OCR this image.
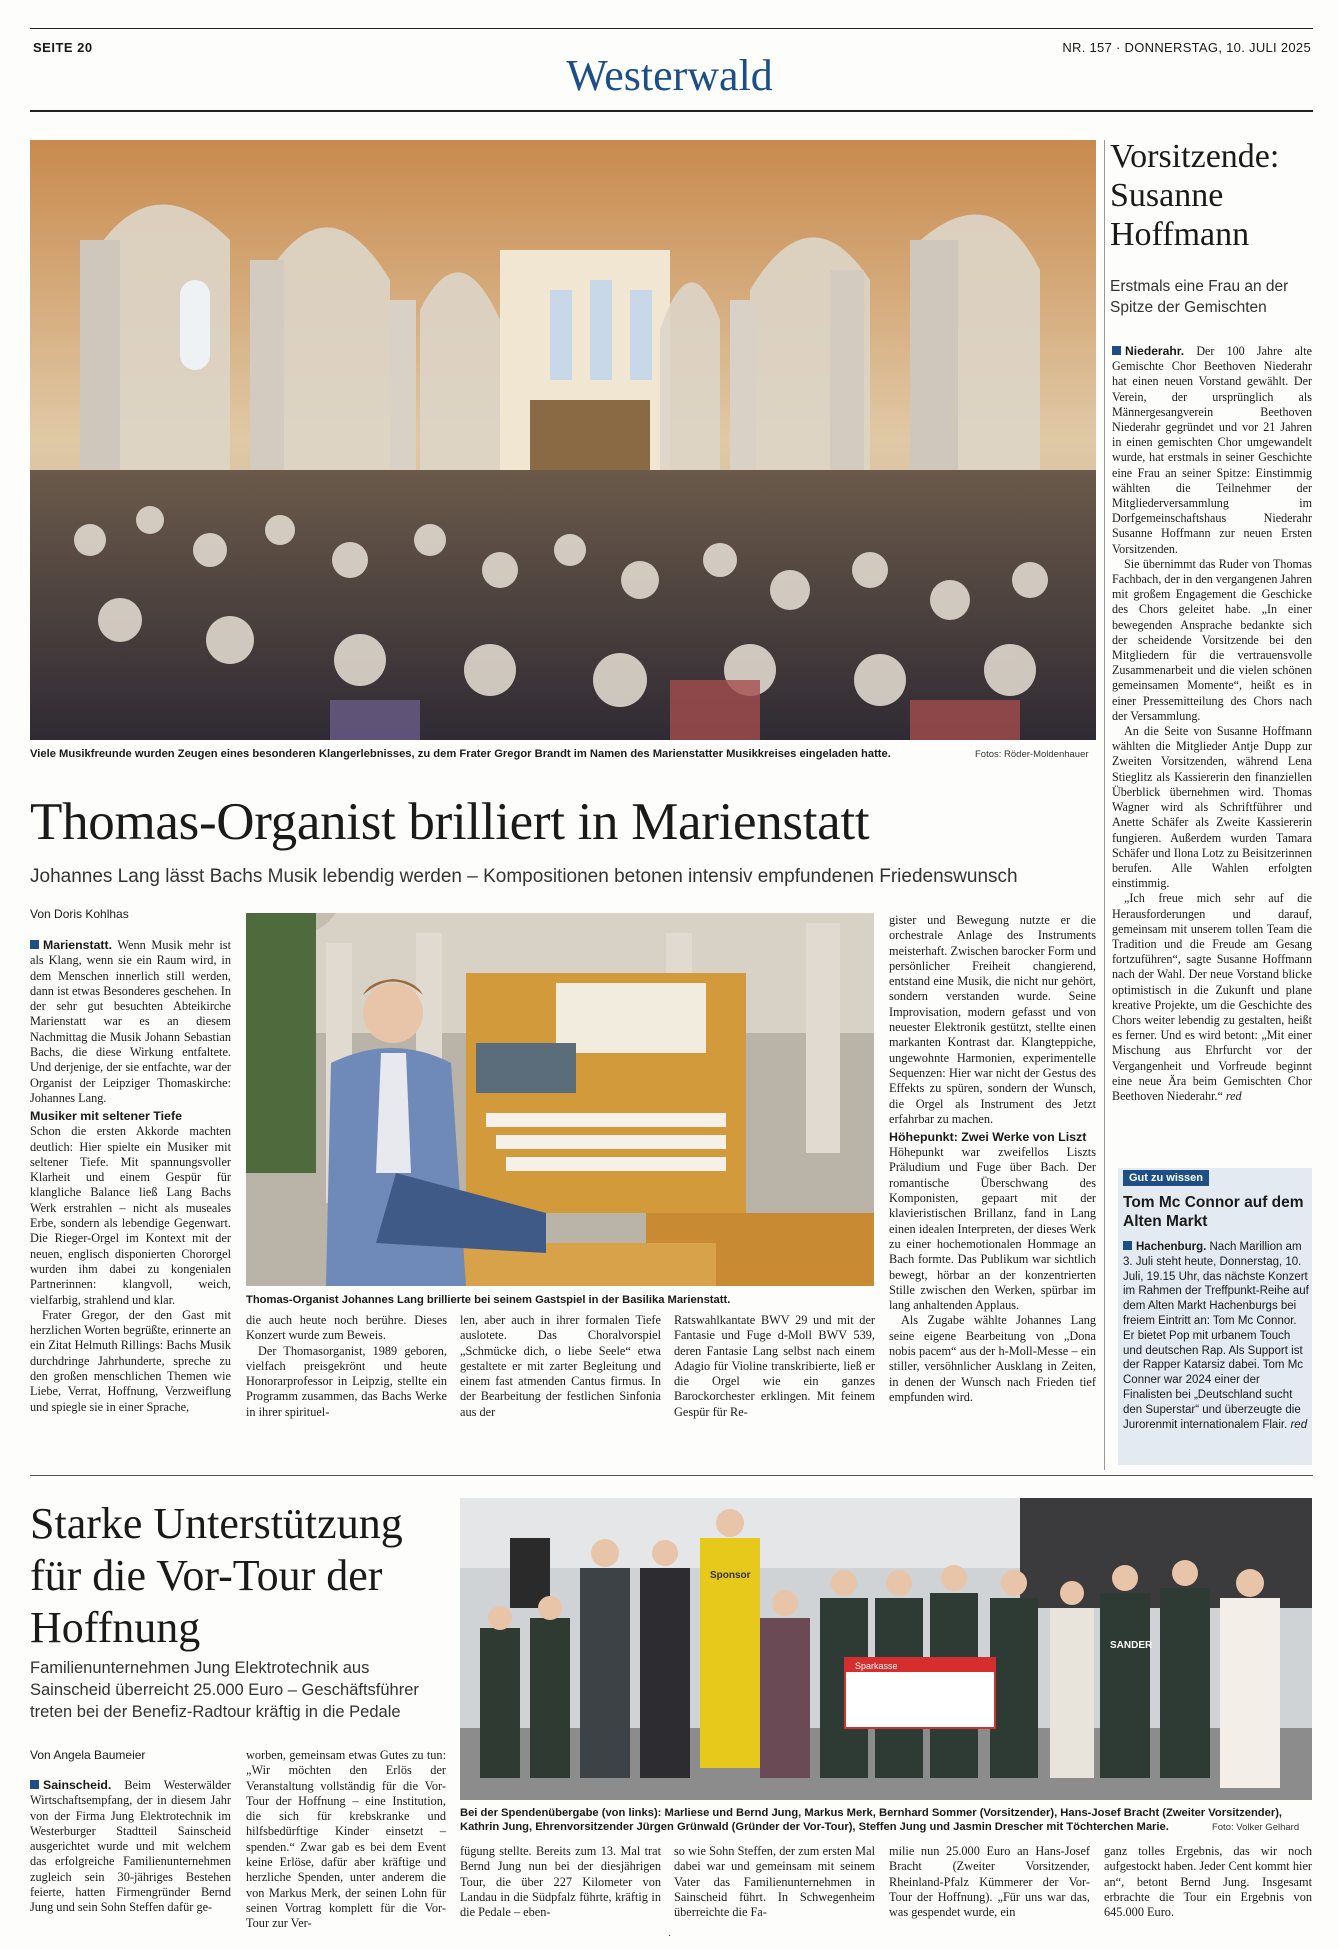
SEITE 20
Westerwald
NR. 157 · DONNERSTAG, 10. JULI 2025
Viele Musikfreunde wurden Zeugen eines besonderen Klangerlebnisses, zu dem Frater Gregor Brandt im Namen des Marienstatter Musikkreises eingeladen hatte.	Fotos: Röder-Moldenhauer
Thomas-Organist brilliert in Marienstatt
Johannes Lang lässt Bachs Musik lebendig werden – Kompositionen betonen intensiv empfundenen Friedenswunsch
Von Doris Kohlhas

Marienstatt. Wenn Musik mehr ist als Klang, wenn sie ein Raum wird, in dem Menschen innerlich still werden, dann ist etwas Besonderes geschehen. In der sehr gut besuchten Abteikirche Marienstatt war es an diesem Nachmittag die Musik Johann Sebastian Bachs, die diese Wirkung entfaltete. Und derjenige, der sie entfachte, war der Organist der Leipziger Thomaskirche: Johannes Lang.

Musiker mit seltener Tiefe

Schon die ersten Akkorde machten deutlich: Hier spielte ein Musiker mit seltener Tiefe. Mit spannungsvoller Klarheit und einem Gespür für klangliche Balance ließ Lang Bachs Werk erstrahlen – nicht als museales Erbe, sondern als lebendige Gegenwart. Die Rieger-Orgel im Kontext mit der neuen, englisch disponierten Chororgel wurden ihm dabei zu kongenialen Partnerinnen: klangvoll, weich, vielfarbig, strahlend und klar.

Frater Gregor, der den Gast mit herzlichen Worten begrüßte, erinnerte an ein Zitat Helmuth Rillings: Bachs Musik durchdringe Jahrhunderte, spreche zu den großen menschlichen Themen wie Liebe, Verrat, Hoffnung, Verzweiflung und spiegle sie in einer Sprache,

Thomas-Organist Johannes Lang brillierte bei seinem Gastspiel in der Basilika Marienstatt.

die auch heute noch berühre. Dieses Konzert wurde zum Beweis.

Der Thomasorganist, 1989 geboren, vielfach preisgekrönt und heute Honorarprofessor in Leipzig, stellte ein Programm zusammen, das Bachs Werke in ihrer spirituel-

len, aber auch in ihrer formalen Tiefe auslotete. Das Choralvorspiel „Schmücke dich, o liebe Seele“ etwa gestaltete er mit zarter Begleitung und einem fast atmenden Cantus firmus. In der Bearbeitung der festlichen Sinfonia aus der

Ratswahlkantate BWV 29 und mit der Fantasie und Fuge d-Moll BWV 539, deren Fantasie Lang selbst nach einem Adagio für Violine transkribierte, ließ er die Orgel wie ein ganzes Barockorchester erklingen. Mit feinem Gespür für Re-

gister und Bewegung nutzte er die orchestrale Anlage des Instruments meisterhaft. Zwischen barocker Form und persönlicher Freiheit changierend, entstand eine Musik, die nicht nur gehört, sondern verstanden wurde. Seine Improvisation, modern gefasst und von neuester Elektronik gestützt, stellte einen markanten Kontrast dar. Klangteppiche, ungewohnte Harmonien, experimentelle Sequenzen: Hier war nicht der Gestus des Effekts zu spüren, sondern der Wunsch, die Orgel als Instrument des Jetzt erfahrbar zu machen.

Höhepunkt: Zwei Werke von Liszt

Höhepunkt war zweifellos Liszts Präludium und Fuge über Bach. Der romantische Überschwang des Komponisten, gepaart mit der klavieristischen Brillanz, fand in Lang einen idealen Interpreten, der dieses Werk zu einer hochemotionalen Hommage an Bach formte. Das Publikum war sichtlich bewegt, hörbar an der konzentrierten Stille zwischen den Werken, spürbar im lang anhaltenden Applaus.

Als Zugabe wählte Johannes Lang seine eigene Bearbeitung von „Dona nobis pacem“ aus der h-Moll-Messe – ein stiller, versöhnlicher Ausklang in Zeiten, in denen der Wunsch nach Frieden tief empfunden wird.

Vorsitzende: Susanne Hoffmann
Erstmals eine Frau an der Spitze der Gemischten

Niederahr. Der 100 Jahre alte Gemischte Chor Beethoven Niederahr hat einen neuen Vorstand gewählt. Der Verein, der ursprünglich als Männergesangverein Beethoven Niederahr gegründet und vor 21 Jahren in einen gemischten Chor umgewandelt wurde, hat erstmals in seiner Geschichte eine Frau an seiner Spitze: Einstimmig wählten die Teilnehmer der Mitgliederversammlung im Dorfgemeinschaftshaus Niederahr Susanne Hoffmann zur neuen Ersten Vorsitzenden.

Sie übernimmt das Ruder von Thomas Fachbach, der in den vergangenen Jahren mit großem Engagement die Geschicke des Chors geleitet habe. „In einer bewegenden Ansprache bedankte sich der scheidende Vorsitzende bei den Mitgliedern für die vertrauensvolle Zusammenarbeit und die vielen schönen gemeinsamen Momente“, heißt es in einer Pressemitteilung des Chors nach der Versammlung.

An die Seite von Susanne Hoffmann wählten die Mitglieder Antje Dupp zur Zweiten Vorsitzenden, während Lena Stieglitz als Kassiererin den finanziellen Überblick übernehmen wird. Thomas Wagner wird als Schriftführer und Anette Schäfer als Zweite Kassiererin fungieren. Außerdem wurden Tamara Schäfer und Ilona Lotz zu Beisitzerinnen berufen. Alle Wahlen erfolgten einstimmig.

„Ich freue mich sehr auf die Herausforderungen und darauf, gemeinsam mit unserem tollen Team die Tradition und die Freude am Gesang fortzuführen“, sagte Susanne Hoffmann nach der Wahl. Der neue Vorstand blicke optimistisch in die Zukunft und plane kreative Projekte, um die Geschichte des Chors weiter lebendig zu gestalten, heißt es ferner. Und es wird betont: „Mit einer Mischung aus Ehrfurcht vor der Vergangenheit und Vorfreude beginnt eine neue Ära beim Gemischten Chor Beethoven Niederahr.“ red

Gut zu wissen
Tom Mc Connor auf dem Alten Markt
Hachenburg. Nach Marillion am 3. Juli steht heute, Donnerstag, 10. Juli, 19.15 Uhr, das nächste Konzert im Rahmen der Treffpunkt-Reihe auf dem Alten Markt Hachenburgs bei freiem Eintritt an: Tom Mc Connor. Er bietet Pop mit urbanem Touch und deutschen Rap. Als Support ist der Rapper Katarsiz dabei. Tom Mc Conner war 2024 einer der Finalisten bei „Deutschland sucht den Superstar“ und überzeugte die Jurorenmit internationalem Flair. red
Starke Unterstützung für die Vor-Tour der Hoffnung
Familienunternehmen Jung Elektrotechnik aus Sainscheid überreicht 25.000 Euro – Geschäftsführer treten bei der Benefiz-Radtour kräftig in die Pedale
Von Angela Baumeier

Sainscheid. Beim Westerwälder Wirtschaftsempfang, der in diesem Jahr von der Firma Jung Elektrotechnik im Westerburger Stadtteil Sainscheid ausgerichtet wurde und mit welchem das erfolgreiche Familienunternehmen zugleich sein 30-jähriges Bestehen feierte, hatten Firmengründer Bernd Jung und sein Sohn Steffen dafür ge-

worben, gemeinsam etwas Gutes zu tun: „Wir möchten den Erlös der Veranstaltung vollständig für die Vor-Tour der Hoffnung – eine Institution, die sich für krebskranke und hilfsbedürftige Kinder einsetzt – spenden.“ Zwar gab es bei dem Event keine Erlöse, dafür aber kräftige und herzliche Spenden, unter anderem die von Markus Merk, der seinen Lohn für seinen Vortrag komplett für die Vor-Tour zur Ver-

Sparkasse
SANDER
Sponsor
Bei der Spendenübergabe (von links): Marliese und Bernd Jung, Markus Merk, Bernhard Sommer (Vorsitzender), Hans-Josef Bracht (Zweiter Vorsitzender), Kathrin Jung, Ehrenvorsitzender Jürgen Grünwald (Gründer der Vor-Tour), Steffen Jung und Jasmin Drescher mit Töchterchen Marie.	Foto: Volker Gelhard

fügung stellte. Bereits zum 13. Mal trat Bernd Jung nun bei der diesjährigen Tour, die über 227 Kilometer von Landau in die Südpfalz führte, kräftig in die Pedale – eben-

so wie Sohn Steffen, der zum ersten Mal dabei war und gemeinsam mit seinem Vater das Familienunternehmen in Sainscheid führt. In Schwegenheim überreichte die Fa-

milie nun 25.000 Euro an Hans-Josef Bracht (Zweiter Vorsitzender, Rheinland-Pfalz Kümmerer der Vor-Tour der Hoffnung). „Für uns war das, was gespendet wurde, ein

ganz tolles Ergebnis, das wir noch aufgestockt haben. Jeder Cent kommt hier an“, betont Bernd Jung. Insgesamt erbrachte die Tour ein Ergebnis von 645.000 Euro.

·
